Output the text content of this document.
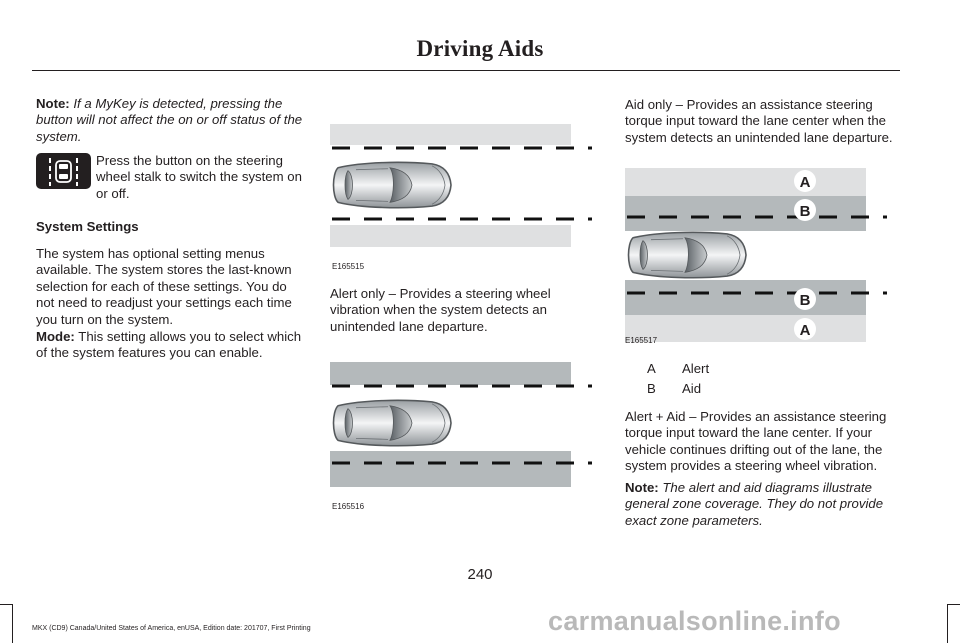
Driving Aids
Note: If a MyKey is detected, pressing the button will not affect the on or off status of the system.
Press the button on the steering wheel stalk to switch the system on or off.
System Settings
The system has optional setting menus available. The system stores the last-known selection for each of these settings. You do not need to readjust your settings each time you turn on the system.
Mode: This setting allows you to select which of the system features you can enable.
E165515
Alert only – Provides a steering wheel vibration when the system detects an unintended lane departure.
E165516
Aid only – Provides an assistance steering torque input toward the lane center when the system detects an unintended lane departure.
A
B
B
A
E165517
A Alert
B Aid
Alert + Aid – Provides an assistance steering torque input toward the lane center. If your vehicle continues drifting out of the lane, the system provides a steering wheel vibration.
Note: The alert and aid diagrams illustrate general zone coverage. They do not provide exact zone parameters.
240
MKX (CD9) Canada/United States of America, enUSA, Edition date: 201707, First Printing	carmanualsonline.info
